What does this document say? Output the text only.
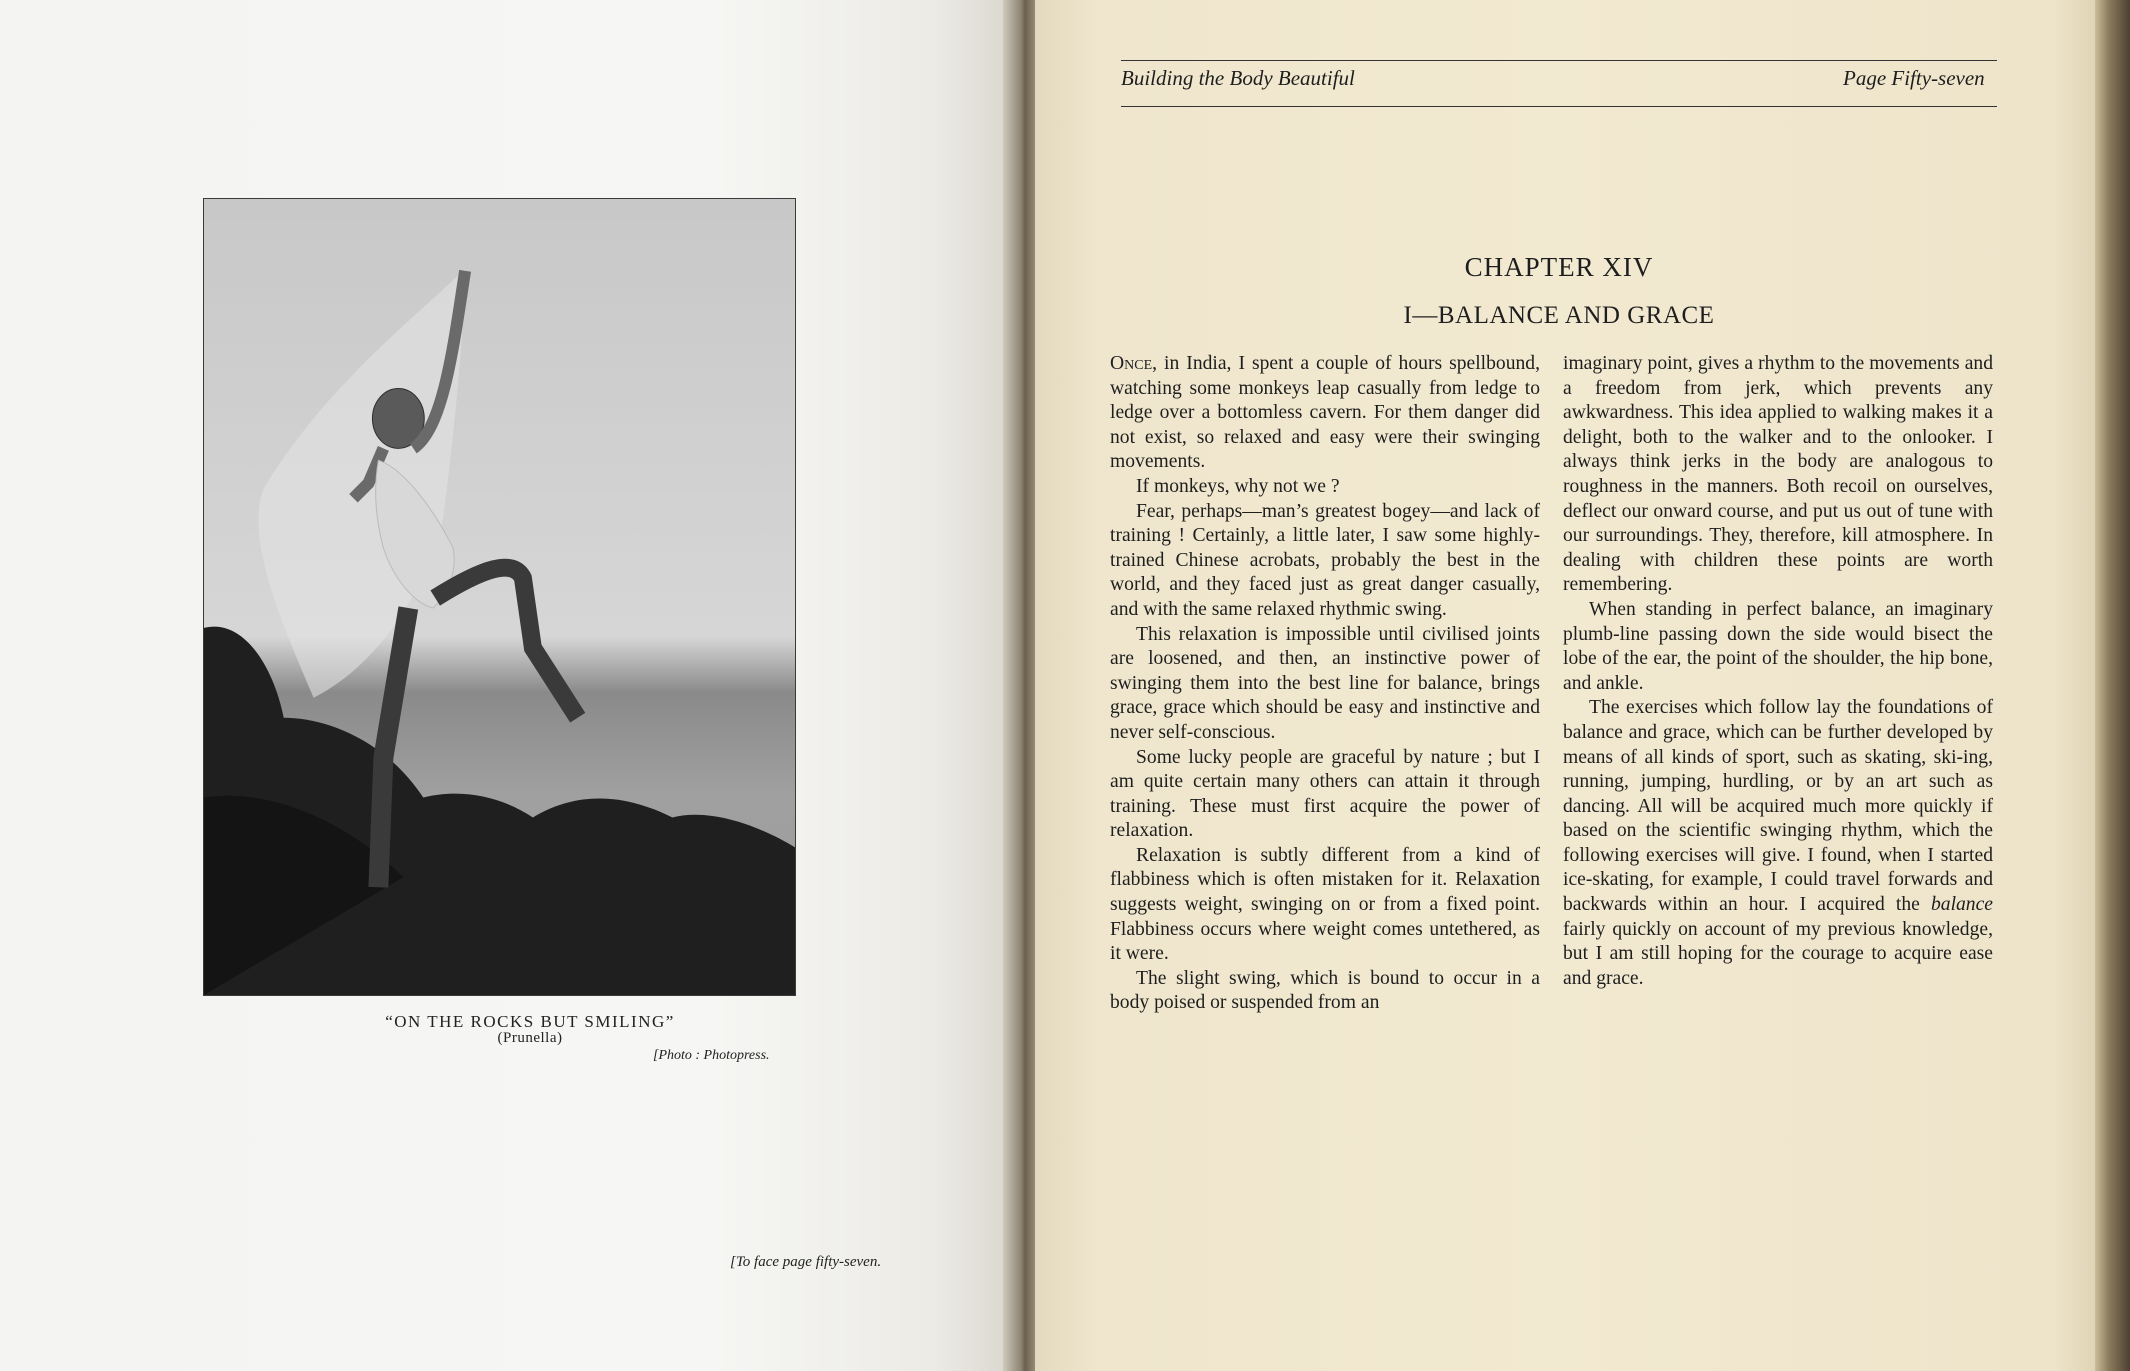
“ON THE ROCKS BUT SMILING”

(Prunella)

[Photo : Photopress.

[To face page fifty-seven.

Building the Body Beautiful	Page Fifty-seven

CHAPTER XIV
I—BALANCE AND GRACE

Once, in India, I spent a couple of hours spellbound, watching some monkeys leap casually from ledge to ledge over a bottomless cavern. For them danger did not exist, so relaxed and easy were their swinging movements.

If monkeys, why not we ?

Fear, perhaps—man’s greatest bogey—and lack of training ! Certainly, a little later, I saw some highly-trained Chinese acrobats, probably the best in the world, and they faced just as great danger casually, and with the same relaxed rhythmic swing.

This relaxation is impossible until civilised joints are loosened, and then, an instinctive power of swinging them into the best line for balance, brings grace, grace which should be easy and instinctive and never self-conscious.

Some lucky people are graceful by nature ; but I am quite certain many others can attain it through training. These must first acquire the power of relaxation.

Relaxation is subtly different from a kind of flabbiness which is often mistaken for it. Relaxation suggests weight, swinging on or from a fixed point. Flabbiness occurs where weight comes untethered, as it were.

The slight swing, which is bound to occur in a body poised or suspended from an

imaginary point, gives a rhythm to the movements and a freedom from jerk, which prevents any awkwardness. This idea applied to walking makes it a delight, both to the walker and to the onlooker. I always think jerks in the body are analogous to roughness in the manners. Both recoil on ourselves, deflect our onward course, and put us out of tune with our surroundings. They, therefore, kill atmosphere. In dealing with children these points are worth remembering.

When standing in perfect balance, an imaginary plumb-line passing down the side would bisect the lobe of the ear, the point of the shoulder, the hip bone, and ankle.

The exercises which follow lay the foundations of balance and grace, which can be further developed by means of all kinds of sport, such as skating, ski-ing, running, jumping, hurdling, or by an art such as dancing. All will be acquired much more quickly if based on the scientific swinging rhythm, which the following exercises will give. I found, when I started ice-skating, for example, I could travel forwards and backwards within an hour. I acquired the balance fairly quickly on account of my previous knowledge, but I am still hoping for the courage to acquire ease and grace.
